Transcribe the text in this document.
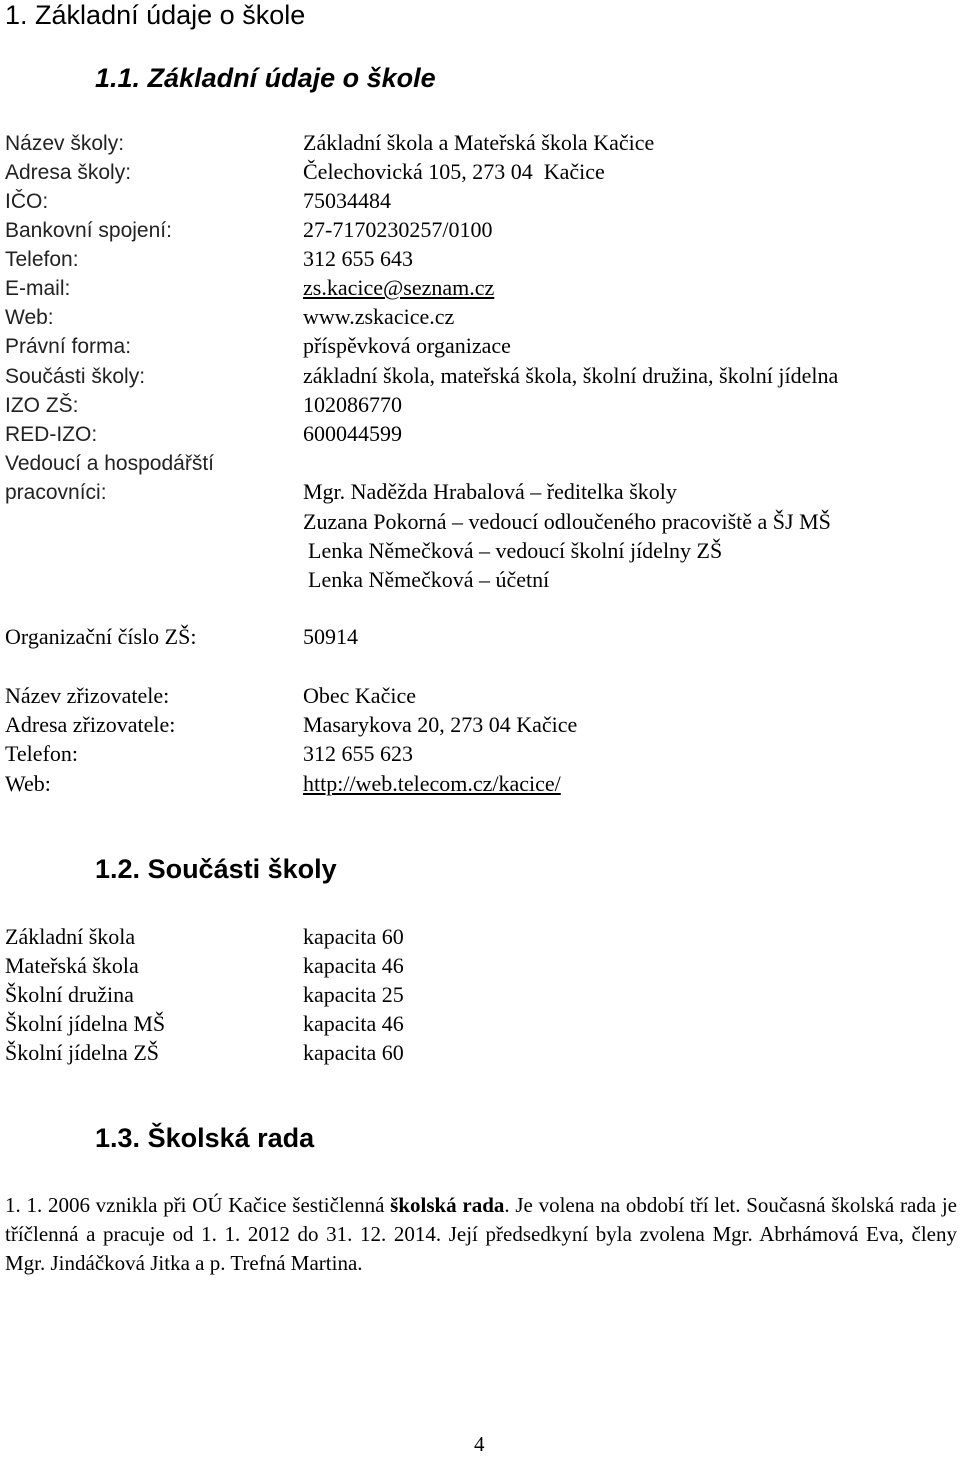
1. Základní údaje o škole
1.1. Základní údaje o škole
Název školy:	Základní škola a Mateřská škola Kačice
Adresa školy:	Čelechovická 105, 273 04  Kačice
IČO:	75034484
Bankovní spojení:	27-7170230257/0100
Telefon:	312 655 643
E-mail:	zs.kacice@seznam.cz
Web:	www.zskacice.cz
Právní forma:	příspěvková organizace
Součásti školy:	základní škola, mateřská škola, školní družina, školní jídelna
IZO ZŠ:	102086770
RED-IZO:	600044599
Vedoucí a hospodářští
pracovníci:	Mgr. Naděžda Hrabalová – ředitelka školy
Zuzana Pokorná – vedoucí odloučeného pracoviště a ŠJ MŠ
Lenka Němečková – vedoucí školní jídelny ZŠ
Lenka Němečková – účetní
Organizační číslo ZŠ:	50914
Název zřizovatele:	Obec Kačice
Adresa zřizovatele:	Masarykova 20, 273 04 Kačice
Telefon:	312 655 623
Web:	http://web.telecom.cz/kacice/
1.2. Součásti školy
Základní škola	kapacita 60
Mateřská škola	kapacita 46
Školní družina	kapacita 25
Školní jídelna MŠ	kapacita 46
Školní jídelna ZŠ	kapacita 60
1.3. Školská rada
1. 1. 2006 vznikla při OÚ Kačice šestičlenná školská rada. Je volena na období tří let. Současná školská rada je tříčlenná a pracuje od 1. 1. 2012 do 31. 12. 2014. Její předsedkyní byla zvolena Mgr. Abrhámová Eva, členy Mgr. Jindáčková Jitka a p. Trefná Martina.
4
